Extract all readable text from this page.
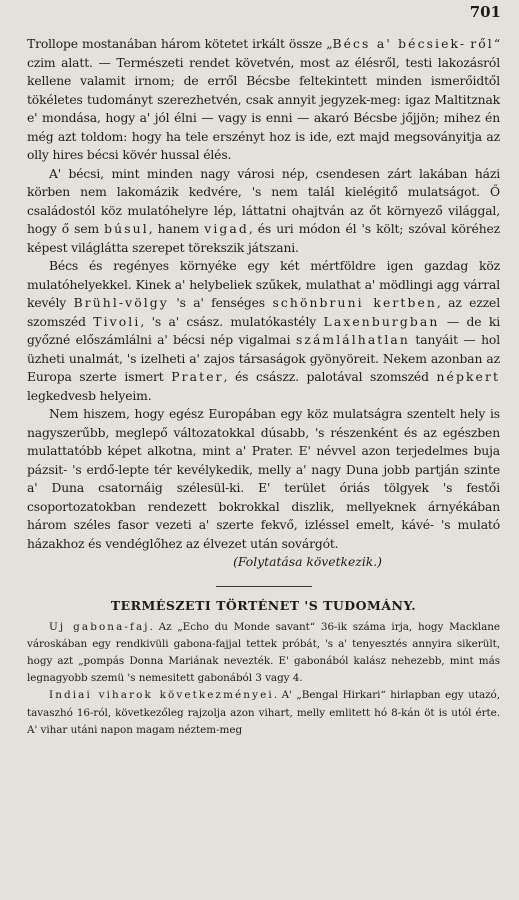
701

Trollope mostanában három kötetet irkált össze „Bécs a' bécsiek- ről“ czim alatt. — Természeti rendet követvén, most az élésről, testi lakozásról kellene valamit irnom; de erről Bécsbe feltekintett minden ismerőidtől tökéletes tudományt szerezhetvén, csak annyit jegyzek-meg: igaz Maltitznak e' mondása, hogy a' jól élni — vagy is enni — akaró Bécsbe jőjjön; mihez én még azt toldom: hogy ha tele erszényt hoz is ide, ezt majd megsoványitja az olly hires bécsi kövér hussal élés.

A' bécsi, mint minden nagy városi nép, csendesen zárt lakában házi körben nem lakomázik kedvére, 's nem talál kielégitő mulatságot. Ő családostól köz mulatóhelyre lép, láttatni ohajtván az őt környező világgal, hogy ő sem búsul, hanem vigad, és uri módon él 's költ; szóval köréhez képest világlátta szerepet törekszik játszani.

Bécs és regényes környéke egy két mértföldre igen gazdag köz mulatóhelyekkel. Kinek a' helybeliek szűkek, mulathat a' mödlingi agg várral kevély Brühl-völgy 's a' fenséges schönbruni kertben, az ezzel szomszéd Tivoli, 's a' csász. mulatókastély Laxenburgban — de ki győzné előszámlálni a' bécsi nép vigalmai számlálhatlan tanyáit — hol üzheti unalmát, 's izelheti a' zajos társaságok gyönyöreit. Nekem azonban az Europa szerte ismert Prater, és császz. palotával szomszéd népkert legkedvesb helyeim.

Nem hiszem, hogy egész Europában egy köz mulatságra szentelt hely is nagyszerűbb, meglepő változatokkal dúsabb, 's részenként és az egészben mulattatóbb képet alkotna, mint a' Prater. E' névvel azon terjedelmes buja pázsit- 's erdő-lepte tér kevélykedik, melly a' nagy Duna jobb partján szinte a' Duna csatornáig szélesül-ki. E' terület óriás tölgyek 's festői csoportozatokban rendezett bokrokkal diszlik, mellyeknek árnyékában három széles fasor vezeti a' szerte fekvő, izléssel emelt, kávé- 's mulató házakhoz és vendéglőhez az élvezet után sovárgót.

(Folytatása következik.)
TERMÉSZETI TÖRTÉNET 'S TUDOMÁNY.

Uj gabona-faj. Az „Echo du Monde savant“ 36-ik száma irja, hogy Macklane városkában egy rendkivüli gabona-fajjal tettek próbát, 's a' tenyesztés annyira sikerült, hogy azt „pompás Donna Mariának nevezték. E' gabonából kalász nehezebb, mint más legnagyobb szemü 's nemesitett gabonából 3 vagy 4.

Indiai viharok következményei. A' „Bengal Hirkari“ hirlapban egy utazó, tavaszhó 16-ról, következőleg rajzolja azon vihart, melly emlitett hó 8-kán öt is utól érte. A' vihar utáni napon magam néztem-meg
